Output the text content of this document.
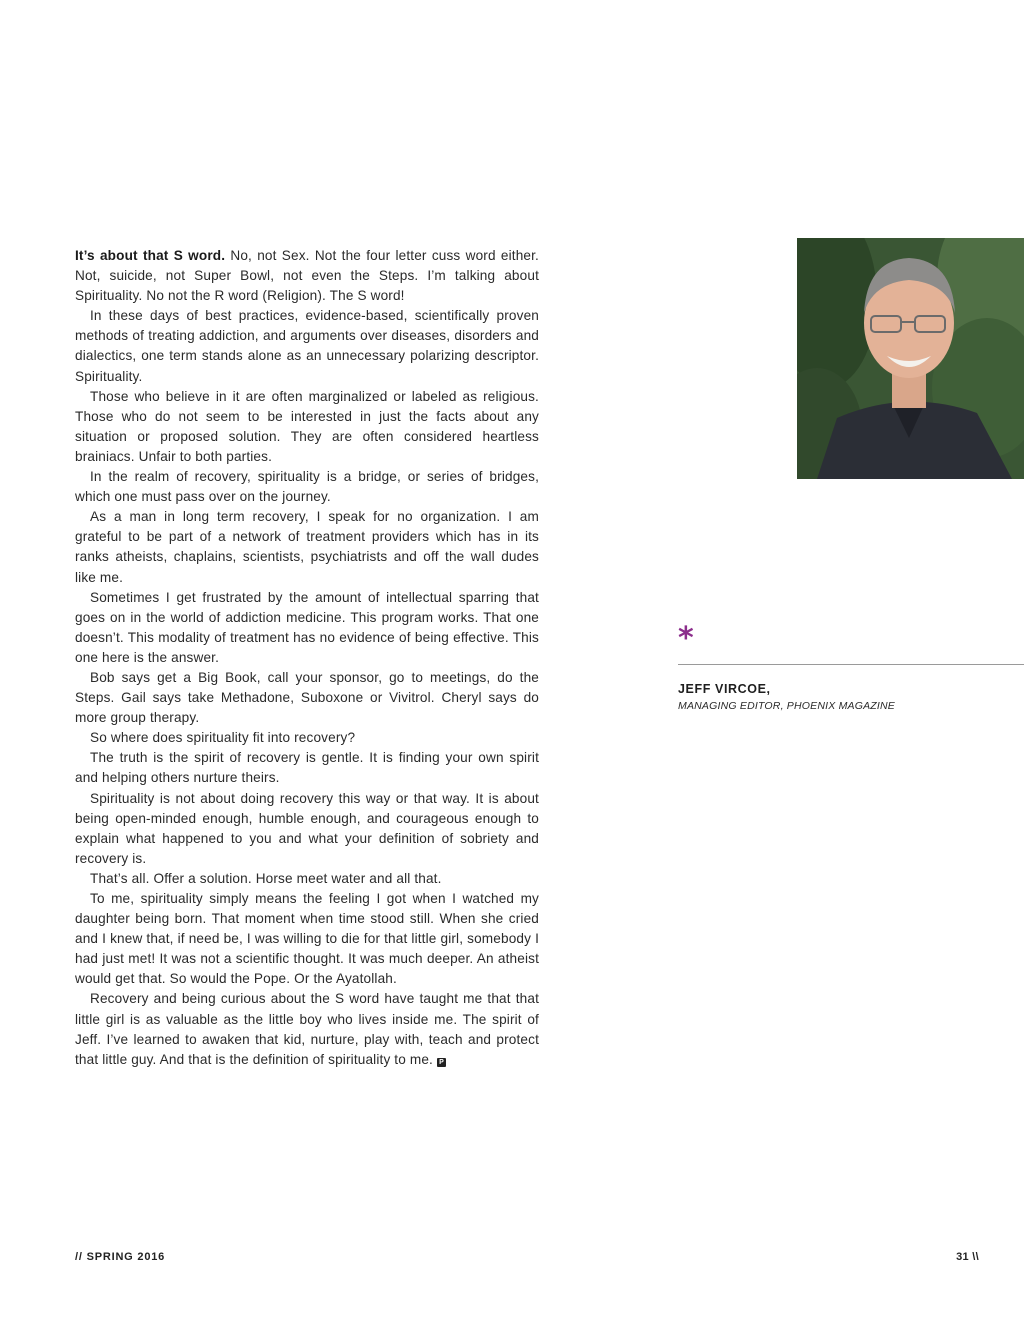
It’s about that S word. No, not Sex. Not the four letter cuss word either. Not, suicide, not Super Bowl, not even the Steps. I’m talking about Spirituality. No not the R word (Religion). The S word!

In these days of best practices, evidence-based, scientifically proven methods of treating addiction, and arguments over diseases, disorders and dialectics, one term stands alone as an unnecessary polarizing descriptor. Spirituality.

Those who believe in it are often marginalized or labeled as religious. Those who do not seem to be interested in just the facts about any situation or proposed solution. They are often considered heartless brainiacs. Unfair to both parties.

In the realm of recovery, spirituality is a bridge, or series of bridges, which one must pass over on the journey.

As a man in long term recovery, I speak for no organization. I am grateful to be part of a network of treatment providers which has in its ranks atheists, chaplains, scientists, psychiatrists and off the wall dudes like me.

Sometimes I get frustrated by the amount of intellectual sparring that goes on in the world of addiction medicine. This program works. That one doesn’t. This modality of treatment has no evidence of being effective. This one here is the answer.

Bob says get a Big Book, call your sponsor, go to meetings, do the Steps. Gail says take Methadone, Suboxone or Vivitrol. Cheryl says do more group therapy.

So where does spirituality fit into recovery?

The truth is the spirit of recovery is gentle. It is finding your own spirit and helping others nurture theirs.

Spirituality is not about doing recovery this way or that way. It is about being open-minded enough, humble enough, and courageous enough to explain what happened to you and what your definition of sobriety and recovery is.

That’s all. Offer a solution. Horse meet water and all that.

To me, spirituality simply means the feeling I got when I watched my daughter being born. That moment when time stood still. When she cried and I knew that, if need be, I was willing to die for that little girl, somebody I had just met! It was not a scientific thought. It was much deeper. An atheist would get that. So would the Pope. Or the Ayatollah.

Recovery and being curious about the S word have taught me that that little girl is as valuable as the little boy who lives inside me. The spirit of Jeff. I’ve learned to awaken that kid, nurture, play with, teach and protect that little guy. And that is the definition of spirituality to me. P

*
JEFF VIRCOE,
MANAGING EDITOR, PHOENIX MAGAZINE
// SPRING 2016	31 \\
